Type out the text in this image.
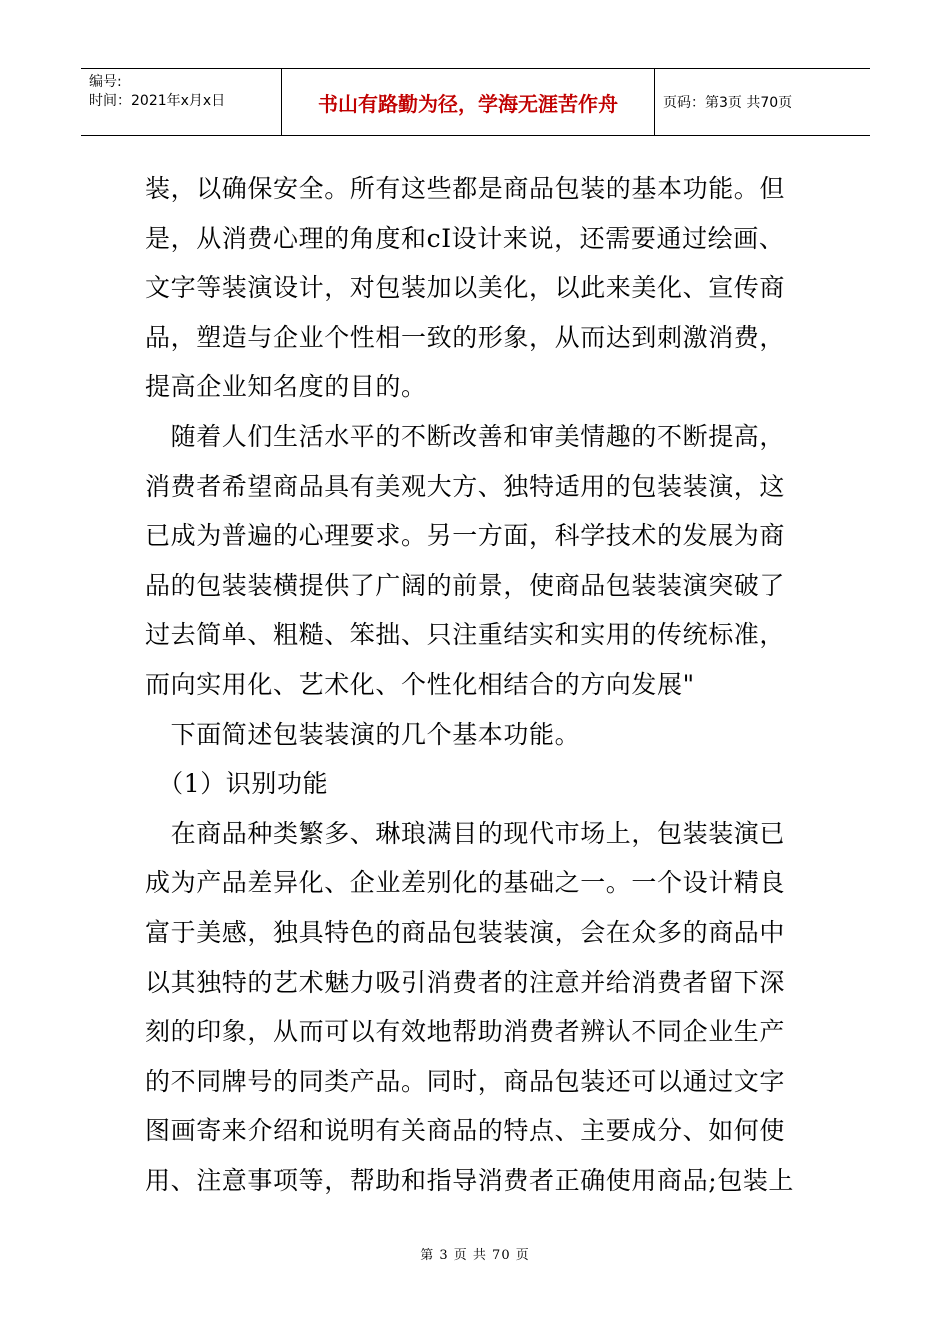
编号:
时间：2021年x月x日	书山有路勤为径，学海无涯苦作舟	页码：第3页 共70页
装，以确保安全。所有这些都是商品包装的基本功能。但
是，从消费心理的角度和cI设计来说，还需要通过绘画、
文字等装演设计，对包装加以美化，以此来美化、宣传商
品，塑造与企业个性相一致的形象，从而达到刺激消费，
提高企业知名度的目的。
　随着人们生活水平的不断改善和审美情趣的不断提高，
消费者希望商品具有美观大方、独特适用的包装装演，这
已成为普遍的心理要求。另一方面，科学技术的发展为商
品的包装装横提供了广阔的前景，使商品包装装演突破了
过去简单、粗糙、笨拙、只注重结实和实用的传统标准，
而向实用化、艺术化、个性化相结合的方向发展"
　下面简述包装装演的几个基本功能。
　（1）识别功能
　在商品种类繁多、琳琅满目的现代市场上，包装装演已
成为产品差异化、企业差别化的基础之一。一个设计精良
富于美感，独具特色的商品包装装演，会在众多的商品中
以其独特的艺术魅力吸引消费者的注意并给消费者留下深
刻的印象，从而可以有效地帮助消费者辨认不同企业生产
的不同牌号的同类产品。同时，商品包装还可以通过文字
图画寄来介绍和说明有关商品的特点、主要成分、如何使
用、注意事项等，帮助和指导消费者正确使用商品;包装上
第 3 页 共 70 页
